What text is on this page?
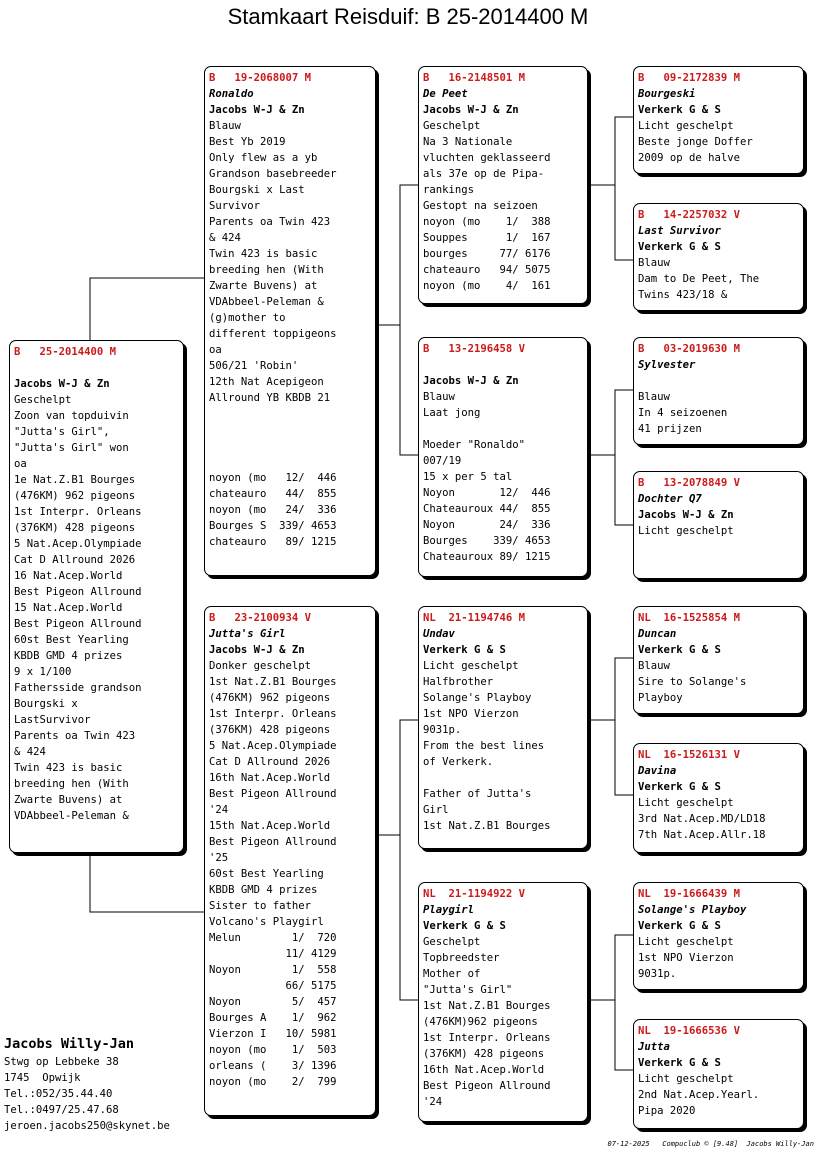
Stamkaart Reisduif: B 25-2014400 M
B   25-2014400 M
Jacobs W-J & Zn
Geschelpt
Zoon van topduivin
"Jutta's Girl",
"Jutta's Girl" won
oa
1e Nat.Z.B1 Bourges
(476KM) 962 pigeons
1st Interpr. Orleans
(376KM) 428 pigeons
5 Nat.Acep.Olympiade
Cat D Allround 2026
16 Nat.Acep.World
Best Pigeon Allround
15 Nat.Acep.World
Best Pigeon Allround
60st Best Yearling
KBDB GMD 4 prizes
9 x 1/100
Fathersside grandson
Bourgski x
LastSurvivor
Parents oa Twin 423
& 424
Twin 423 is basic
breeding hen (With
Zwarte Buvens) at
VDAbbeel-Peleman &
B   19-2068007 M
Ronaldo
Jacobs W-J & Zn
Blauw
Best Yb 2019
Only flew as a yb
Grandson basebreeder
Bourgski x Last
Survivor
Parents oa Twin 423
& 424
Twin 423 is basic
breeding hen (With
Zwarte Buvens) at
VDAbbeel-Peleman &
(g)mother to
different toppigeons
oa
506/21 'Robin'
12th Nat Acepigeon
Allround YB KBDB 21
noyon (mo   12/  446
chateauro   44/  855
noyon (mo   24/  336
Bourges S  339/ 4653
chateauro   89/ 1215
B   23-2100934 V
Jutta's Girl
Jacobs W-J & Zn
Donker geschelpt
1st Nat.Z.B1 Bourges
(476KM) 962 pigeons
1st Interpr. Orleans
(376KM) 428 pigeons
5 Nat.Acep.Olympiade
Cat D Allround 2026
16th Nat.Acep.World
Best Pigeon Allround
'24
15th Nat.Acep.World
Best Pigeon Allround
'25
60st Best Yearling
KBDB GMD 4 prizes
Sister to father
Volcano's Playgirl
Melun        1/  720
11/ 4129
Noyon        1/  558
66/ 5175
Noyon        5/  457
Bourges A    1/  962
Vierzon I   10/ 5981
noyon (mo    1/  503
orleans (    3/ 1396
noyon (mo    2/  799
B   16-2148501 M
De Peet
Jacobs W-J & Zn
Geschelpt
Na 3 Nationale
vluchten geklasseerd
als 37e op de Pipa-
rankings
Gestopt na seizoen
noyon (mo    1/  388
Souppes      1/  167
bourges     77/ 6176
chateauro   94/ 5075
noyon (mo    4/  161
B   13-2196458 V
Jacobs W-J & Zn
Blauw
Laat jong
Moeder "Ronaldo"
007/19
15 x per 5 tal
Noyon       12/  446
Chateauroux 44/  855
Noyon       24/  336
Bourges    339/ 4653
Chateauroux 89/ 1215
NL  21-1194746 M
Undav
Verkerk G & S
Licht geschelpt
Halfbrother
Solange's Playboy
1st NPO Vierzon
9031p.
From the best lines
of Verkerk.
Father of Jutta's
Girl
1st Nat.Z.B1 Bourges
NL  21-1194922 V
Playgirl
Verkerk G & S
Geschelpt
Topbreedster
Mother of
"Jutta's Girl"
1st Nat.Z.B1 Bourges
(476KM)962 pigeons
1st Interpr. Orleans
(376KM) 428 pigeons
16th Nat.Acep.World
Best Pigeon Allround
'24
B   09-2172839 M
Bourgeski
Verkerk G & S
Licht geschelpt
Beste jonge Doffer
2009 op de halve
B   14-2257032 V
Last Survivor
Verkerk G & S
Blauw
Dam to De Peet, The
Twins 423/18 &
B   03-2019630 M
Sylvester
Blauw
In 4 seizoenen
41 prijzen
B   13-2078849 V
Dochter Q7
Jacobs W-J & Zn
Licht geschelpt
NL  16-1525854 M
Duncan
Verkerk G & S
Blauw
Sire to Solange's
Playboy
NL  16-1526131 V
Davina
Verkerk G & S
Licht geschelpt
3rd Nat.Acep.MD/LD18
7th Nat.Acep.Allr.18
NL  19-1666439 M
Solange's Playboy
Verkerk G & S
Licht geschelpt
1st NPO Vierzon
9031p.
NL  19-1666536 V
Jutta
Verkerk G & S
Licht geschelpt
2nd Nat.Acep.Yearl.
Pipa 2020
Jacobs Willy-Jan
Stwg op Lebbeke 38
1745  Opwijk
Tel.:052/35.44.40
Tel.:0497/25.47.68
jeroen.jacobs250@skynet.be
07-12-2025   Compuclub © [9.48]  Jacobs Willy-Jan
